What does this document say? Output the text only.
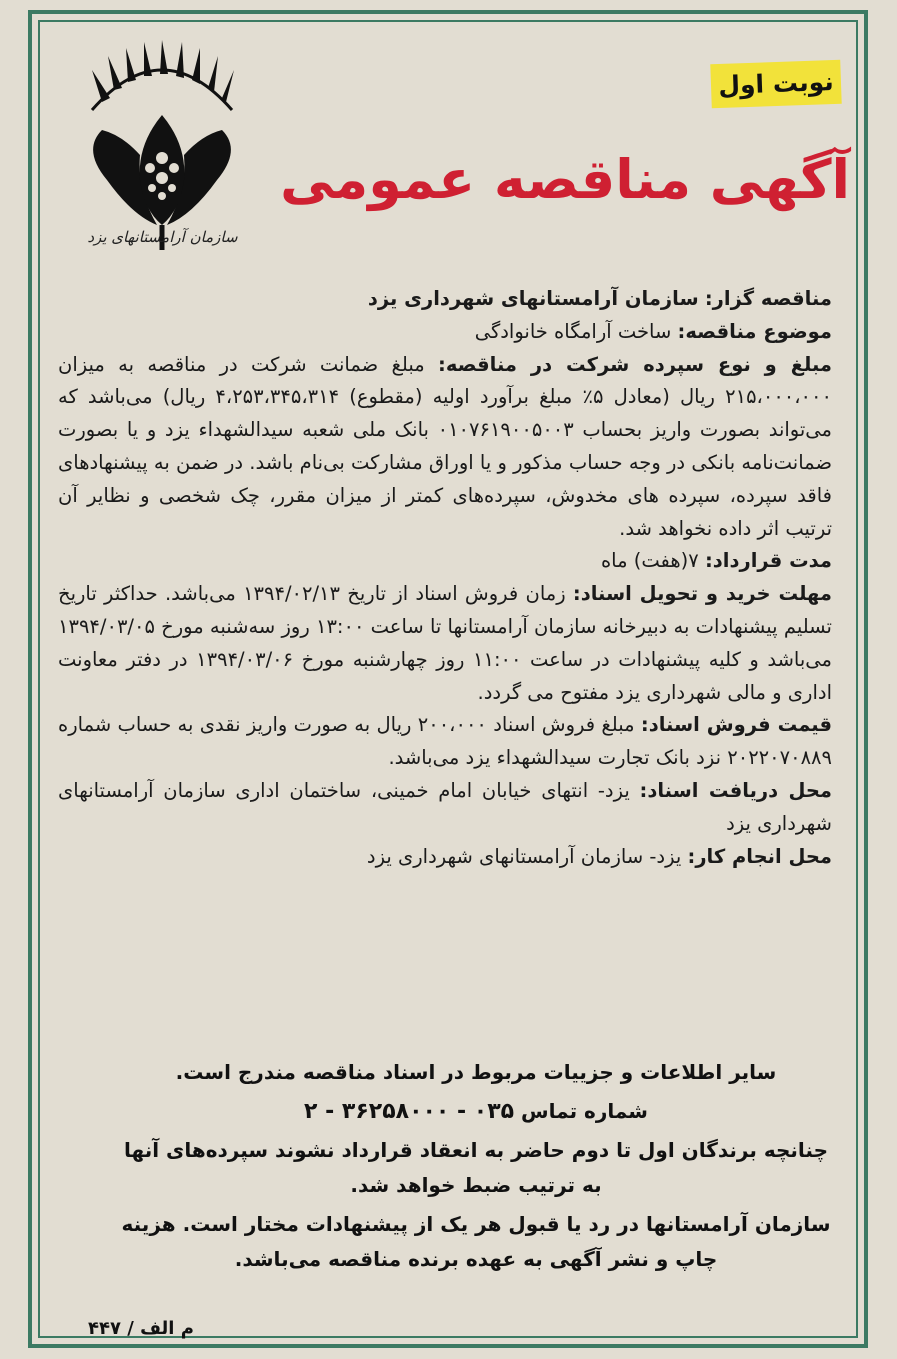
سازمان آرامستانهای یزد
نوبت اول
آگهی مناقصه عمومی

مناقصه گزار: سازمان آرامستانهای شهرداری یزد

موضوع مناقصه: ساخت آرامگاه خانوادگی

مبلغ و نوع سپرده شرکت در مناقصه: مبلغ ضمانت شرکت در مناقصه به میزان ۲۱۵،۰۰۰،۰۰۰ ریال (معادل ۵٪ مبلغ برآورد اولیه (مقطوع) ۴،۲۵۳،۳۴۵،۳۱۴ ریال) می‌باشد که می‌تواند بصورت واریز بحساب ۰۱۰۷۶۱۹۰۰۵۰۰۳ بانک ملی شعبه سیدالشهداء یزد و یا بصورت ضمانت‌نامه بانکی در وجه حساب مذکور و یا اوراق مشارکت بی‌نام باشد. در ضمن به پیشنهادهای فاقد سپرده، سپرده های مخدوش، سپرده‌های کمتر از میزان مقرر، چک شخصی و نظایر آن ترتیب اثر داده نخواهد شد.

مدت قرارداد: ۷(هفت) ماه

مهلت خرید و تحویل اسناد: زمان فروش اسناد از تاریخ ۱۳۹۴/۰۲/۱۳ می‌باشد. حداکثر تاریخ تسلیم پیشنهادات به دبیرخانه سازمان آرامستانها تا ساعت ۱۳:۰۰ روز سه‌شنبه مورخ ۱۳۹۴/۰۳/۰۵ می‌باشد و کلیه پیشنهادات در ساعت ۱۱:۰۰ روز چهارشنبه مورخ ۱۳۹۴/۰۳/۰۶ در دفتر معاونت اداری و مالی شهرداری یزد مفتوح می گردد.

قیمت فروش اسناد: مبلغ فروش اسناد ۲۰۰،۰۰۰ ریال به صورت واریز نقدی به حساب شماره ۲۰۲۲۰۷۰۸۸۹ نزد بانک تجارت سیدالشهداء یزد می‌باشد.

محل دریافت اسناد: یزد- انتهای خیابان امام خمینی، ساختمان اداری سازمان آرامستانهای شهرداری یزد

محل انجام کار: یزد- سازمان آرامستانهای شهرداری یزد

سایر اطلاعات و جزییات مربوط در اسناد مناقصه مندرج است.

شماره تماس ۲ - ۳۶۲۵۸۰۰۰ - ۰۳۵

چنانچه برندگان اول تا دوم حاضر به انعقاد قرارداد نشوند سپرده‌های آنها به ترتیب ضبط خواهد شد.

سازمان آرامستانها در رد یا قبول هر یک از پیشنهادات مختار است. هزینه چاپ و نشر آگهی به عهده برنده مناقصه می‌باشد.

م الف / ۴۴۷
